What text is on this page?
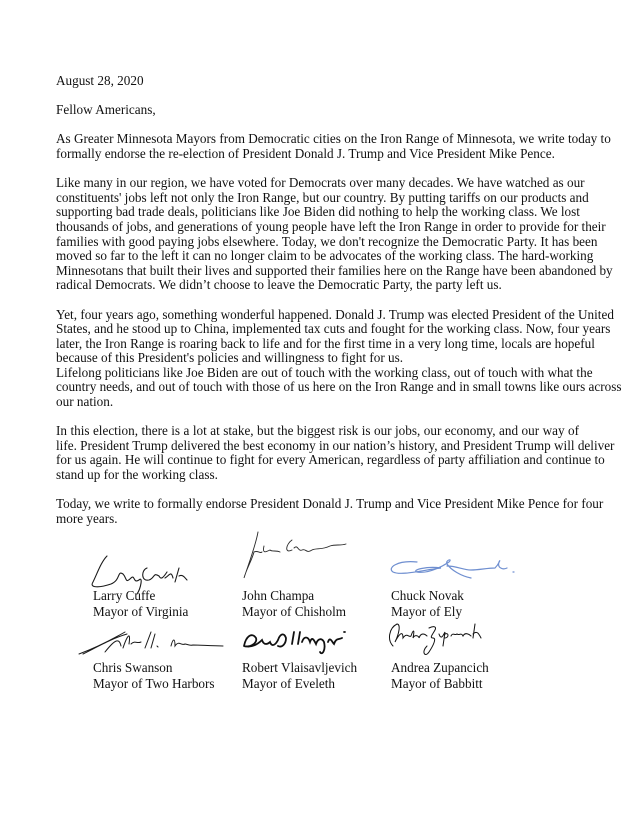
August 28, 2020
Fellow Americans,
As Greater Minnesota Mayors from Democratic cities on the Iron Range of Minnesota, we write today to
formally endorse the re-election of President Donald J. Trump and Vice President Mike Pence.
Like many in our region, we have voted for Democrats over many decades. We have watched as our
constituents' jobs left not only the Iron Range, but our country. By putting tariffs on our products and
supporting bad trade deals, politicians like Joe Biden did nothing to help the working class. We lost
thousands of jobs, and generations of young people have left the Iron Range in order to provide for their
families with good paying jobs elsewhere. Today, we don't recognize the Democratic Party. It has been
moved so far to the left it can no longer claim to be advocates of the working class. The hard-working
Minnesotans that built their lives and supported their families here on the Range have been abandoned by
radical Democrats. We didn’t choose to leave the Democratic Party, the party left us.
Yet, four years ago, something wonderful happened. Donald J. Trump was elected President of the United
States, and he stood up to China, implemented tax cuts and fought for the working class. Now, four years
later, the Iron Range is roaring back to life and for the first time in a very long time, locals are hopeful
because of this President's policies and willingness to fight for us.
Lifelong politicians like Joe Biden are out of touch with the working class, out of touch with what the
country needs, and out of touch with those of us here on the Iron Range and in small towns like ours across
our nation.
In this election, there is a lot at stake, but the biggest risk is our jobs, our economy, and our way of
life. President Trump delivered the best economy in our nation’s history, and President Trump will deliver
for us again. He will continue to fight for every American, regardless of party affiliation and continue to
stand up for the working class.
Today, we write to formally endorse President Donald J. Trump and Vice President Mike Pence for four
more years.
Larry Cuffe
Mayor of Virginia
John Champa
Mayor of Chisholm
Chuck Novak
Mayor of Ely
Chris Swanson
Mayor of Two Harbors
Robert Vlaisavljevich
Mayor of Eveleth
Andrea Zupancich
Mayor of Babbitt
